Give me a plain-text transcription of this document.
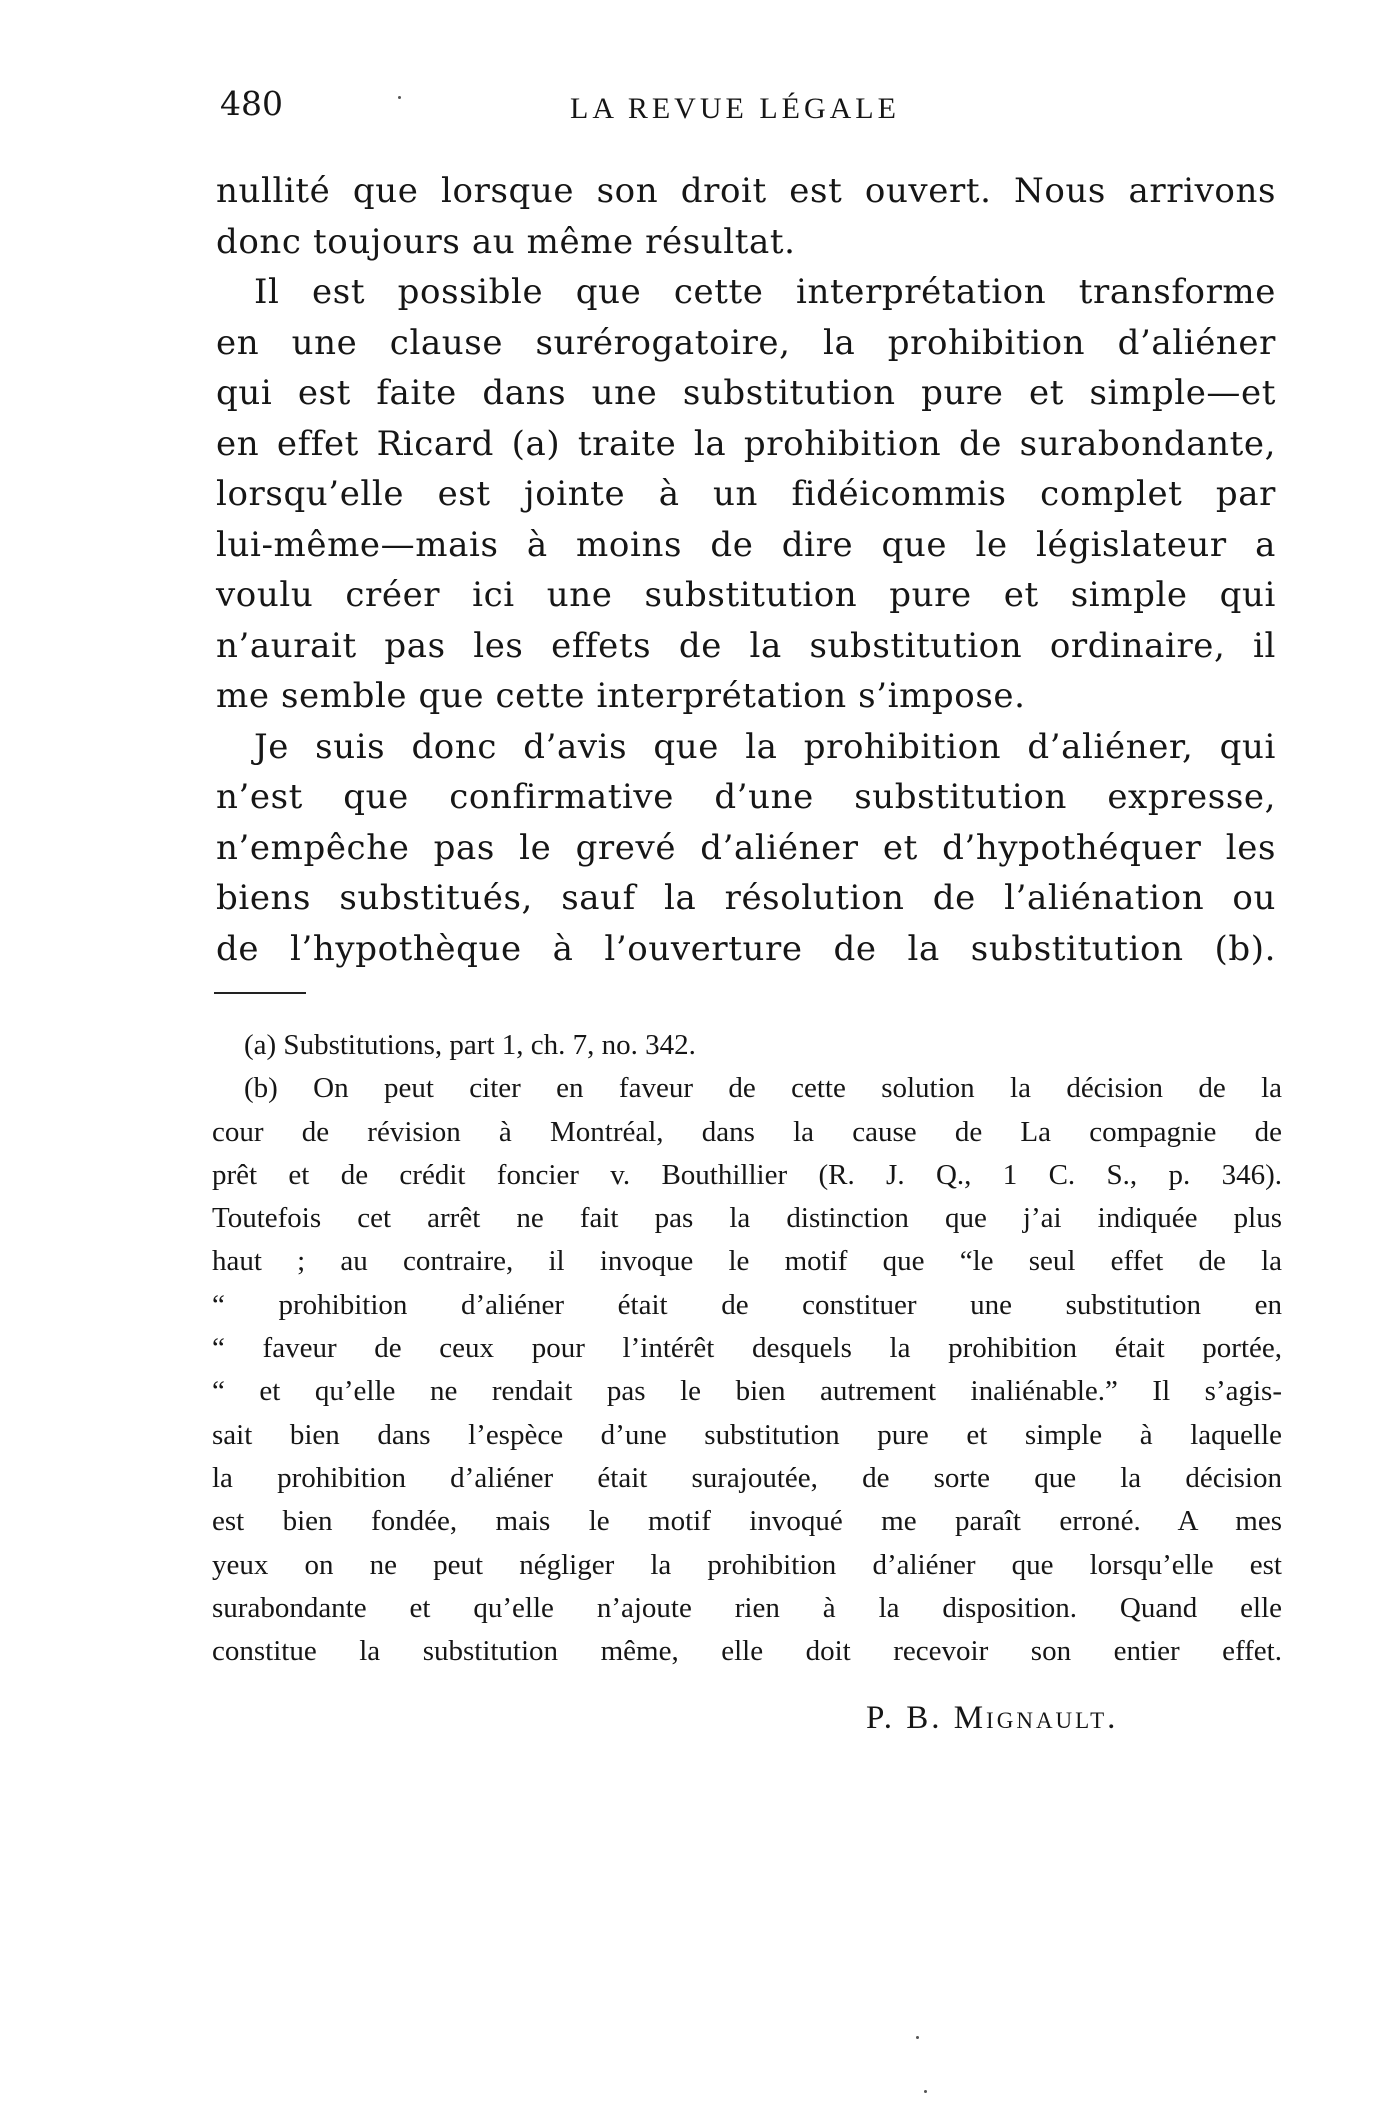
480	LA REVUE LÉGALE
nullité que lorsque son droit est ouvert. Nous arrivons
donc toujours au même résultat.
Il est possible que cette interprétation transforme
en une clause surérogatoire, la prohibition d’aliéner
qui est faite dans une substitution pure et simple—et
en effet Ricard (a) traite la prohibition de surabondante,
lorsqu’elle est jointe à un fidéicommis complet par
lui-même—mais à moins de dire que le législateur a
voulu créer ici une substitution pure et simple qui
n’aurait pas les effets de la substitution ordinaire, il
me semble que cette interprétation s’impose.
Je suis donc d’avis que la prohibition d’aliéner, qui
n’est que confirmative d’une substitution expresse,
n’empêche pas le grevé d’aliéner et d’hypothéquer les
biens substitués, sauf la résolution de l’aliénation ou
de l’hypothèque à l’ouverture de la substitution (b).
(a) Substitutions, part 1, ch. 7, no. 342.
(b) On peut citer en faveur de cette solution la décision de la
cour de révision à Montréal, dans la cause de La compagnie de
prêt et de crédit foncier v. Bouthillier (R. J. Q., 1 C. S., p. 346).
Toutefois cet arrêt ne fait pas la distinction que j’ai indiquée plus
haut ; au contraire, il invoque le motif que “le seul effet de la
“ prohibition d’aliéner était de constituer une substitution en
“ faveur de ceux pour l’intérêt desquels la prohibition était portée,
“ et qu’elle ne rendait pas le bien autrement inaliénable.” Il s’agis-
sait bien dans l’espèce d’une substitution pure et simple à laquelle
la prohibition d’aliéner était surajoutée, de sorte que la décision
est bien fondée, mais le motif invoqué me paraît erroné. A mes
yeux on ne peut négliger la prohibition d’aliéner que lorsqu’elle est
surabondante et qu’elle n’ajoute rien à la disposition. Quand elle
constitue la substitution même, elle doit recevoir son entier effet.
P. B. Mignault.
